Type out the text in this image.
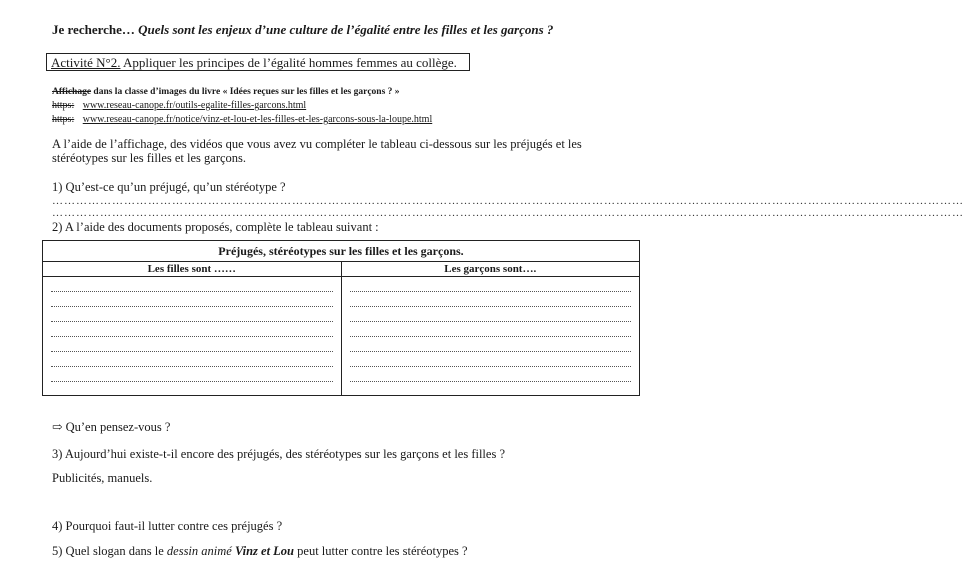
Je recherche… Quels sont les enjeux d’une culture de l’égalité entre les filles et les garçons ?
Activité N°2. Appliquer les principes de l’égalité hommes femmes au collège.
Affichage dans la classe d’images du livre « Idées reçues sur les filles et les garçons ? »
https: www.reseau-canope.fr/outils-egalite-filles-garcons.html
https: www.reseau-canope.fr/notice/vinz-et-lou-et-les-filles-et-les-garcons-sous-la-loupe.html
A l’aide de l’affichage, des vidéos que vous avez vu compléter le tableau ci-dessous sur les préjugés et les stéréotypes sur les filles et les garçons.
1) Qu’est-ce qu’un préjugé, qu’un stéréotype ?
…………………………………………………………………………………………………………………………………………………………………………………………………………
…………………………………………………………………………………………………………………………………………………………………………………………………………
2) A l’aide des documents proposés, complète le tableau suivant :
Préjugés, stéréotypes sur les filles et les garçons.	
Les filles sont ……	Les garçons sont….

⇨ Qu’en pensez-vous ?
3) Aujourd’hui existe-t-il encore des préjugés, des stéréotypes sur les garçons et les filles ?
Publicités, manuels.
4) Pourquoi faut-il lutter contre ces préjugés ?
5) Quel slogan dans le dessin animé Vinz et Lou peut lutter contre les stéréotypes ?
